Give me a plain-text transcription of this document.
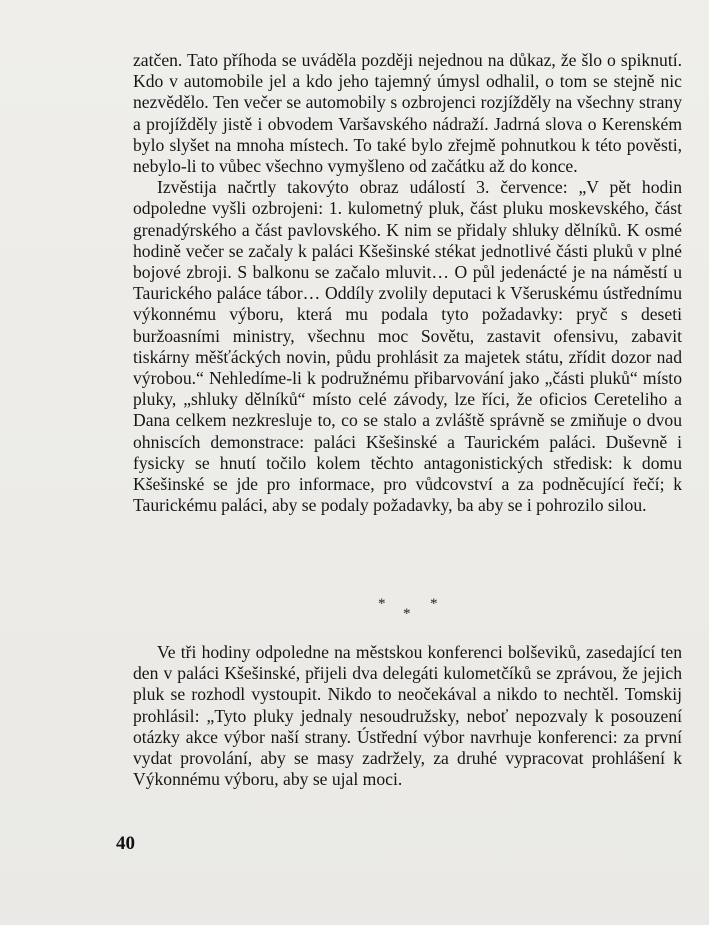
zatčen. Tato příhoda se uváděla později nejednou na důkaz, že šlo o spiknutí. Kdo v automobile jel a kdo jeho tajemný úmysl odhalil, o tom se stejně nic nezvědělo. Ten večer se automobily s ozbrojenci rozjížděly na všechny strany a projížděly jistě i obvodem Varšavského nádraží. Jadrná slova o Kerenském bylo slyšet na mnoha místech. To také bylo zřejmě pohnutkou k této pověsti, nebylo-li to vůbec všechno vymyšleno od začátku až do konce.

Izvěstija načrtly takovýto obraz událostí 3. července: „V pět hodin odpoledne vyšli ozbrojeni: 1. kulometný pluk, část pluku moskevského, část grenadýrského a část pavlovského. K nim se přidaly shluky dělníků. K osmé hodině večer se začaly k paláci Kšešinské stékat jednotlivé části pluků v plné bojové zbroji. S balkonu se začalo mluvit… O půl jedenácté je na náměstí u Taurického paláce tábor… Oddíly zvolily deputaci k Všeruskému ústřednímu výkonnému výboru, která mu podala tyto požadavky: pryč s deseti buržoasními ministry, všechnu moc Sovětu, zastavit ofensivu, zabavit tiskárny měšťáckých novin, půdu prohlásit za majetek státu, zřídit dozor nad výrobou.“ Nehledíme-li k podružnému přibarvování jako „části pluků“ místo pluky, „shluky dělníků“ místo celé závody, lze říci, že oficios Cereteliho a Dana celkem nezkresluje to, co se stalo a zvláště správně se zmiňuje o dvou ohniscích demonstrace: paláci Kšešinské a Taurickém paláci. Duševně i fysicky se hnutí točilo kolem těchto antagonistických středisk: k domu Kšešinské se jde pro informace, pro vůdcovství a za podněcující řečí; k Taurickému paláci, aby se podaly požadavky, ba aby se i pohrozilo silou.

*
*
*

Ve tři hodiny odpoledne na městskou konferenci bolševiků, zasedající ten den v paláci Kšešinské, přijeli dva delegáti kulometčíků se zprávou, že jejich pluk se rozhodl vystoupit. Nikdo to neočekával a nikdo to nechtěl. Tomskij prohlásil: „Tyto pluky jednaly nesoudružsky, neboť nepozvaly k posouzení otázky akce výbor naší strany. Ústřední výbor navrhuje konferenci: za první vydat provolání, aby se masy zadržely, za druhé vypracovat prohlášení k Výkonnému výboru, aby se ujal moci.

40
